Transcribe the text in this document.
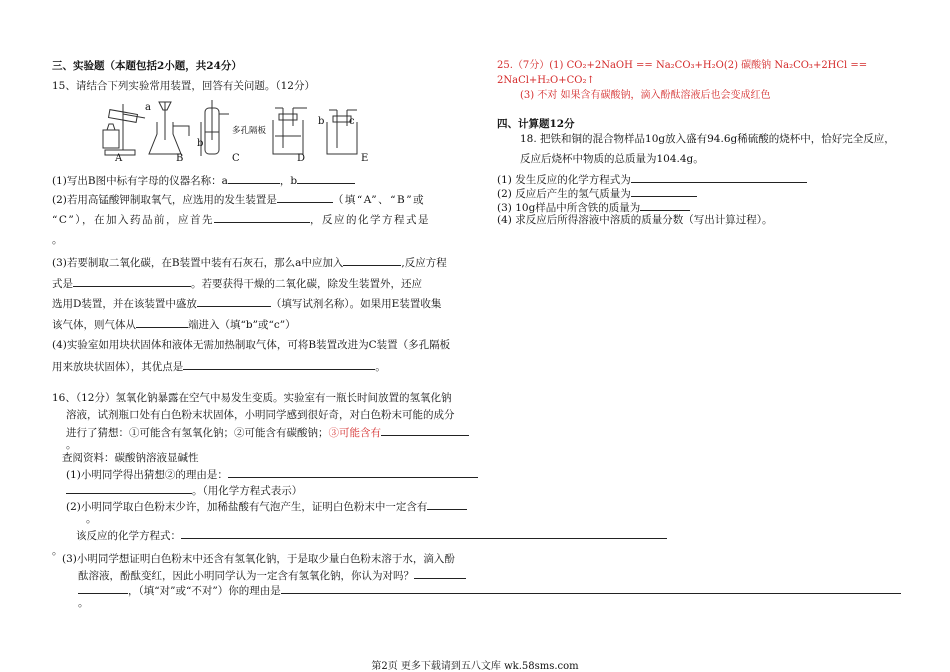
三、实验题（本题包括2小题，共24分）
15、请结合下列实验常用装置，回答有关问题。（12分）
a
b
多孔隔板
b c
A	B	C	D	E
(1)写出B图中标有字母的仪器名称：a	，b
(2)若用高锰酸钾制取氧气，应选用的发生装置是	（填“A”、“B”或
“C”），在加入药品前，应首先	，反应的化学方程式是
。
(3)若要制取二氧化碳，在B装置中装有石灰石，那么a中应加入	,反应方程
式是	。若要获得干燥的二氧化碳，除发生装置外，还应
选用D装置，并在该装置中盛放	（填写试剂名称）。如果用E装置收集
该气体，则气体从	端进入（填“b”或“c”）
(4)实验室如用块状固体和液体无需加热制取气体，可将B装置改进为C装置（多孔隔板
用来放块状固体），其优点是	。
16、（12分）氢氧化钠暴露在空气中易发生变质。实验室有一瓶长时间放置的氢氧化钠
溶液，试剂瓶口处有白色粉末状固体，小明同学感到很好奇，对白色粉末可能的成分
进行了猜想：①可能含有氢氧化钠；②可能含有碳酸钠；③可能含有
。
查阅资料：碳酸钠溶液显碱性
(1)小明同学得出猜想②的理由是：
。（用化学方程式表示）
(2)小明同学取白色粉末少许，加稀盐酸有气泡产生，证明白色粉末中一定含有
。
该反应的化学方程式：
。
(3)小明同学想证明白色粉末中还含有氢氧化钠，于是取少量白色粉末溶于水，滴入酚
酞溶液，酚酞变红，因此小明同学认为一定含有氢氧化钠，你认为对吗？
，（填“对”或“不对”）你的理由是
。
25.（7分）(1) CO₂+2NaOH == Na₂CO₃+H₂O(2) 碳酸钠 Na₂CO₃+2HCl ==
2NaCl+H₂O+CO₂↑
(3) 不对 如果含有碳酸钠，滴入酚酞溶液后也会变成红色
四、计算题12分
18. 把铁和铜的混合物样品10g放入盛有94.6g稀硫酸的烧杯中，恰好完全反应，
反应后烧杯中物质的总质量为104.4g。
(1) 发生反应的化学方程式为
(2) 反应后产生的氢气质量为
(3) 10g样品中所含铁的质量为
(4) 求反应后所得溶液中溶质的质量分数（写出计算过程）。
第2页 更多下载请到五八文库 wk.58sms.com
